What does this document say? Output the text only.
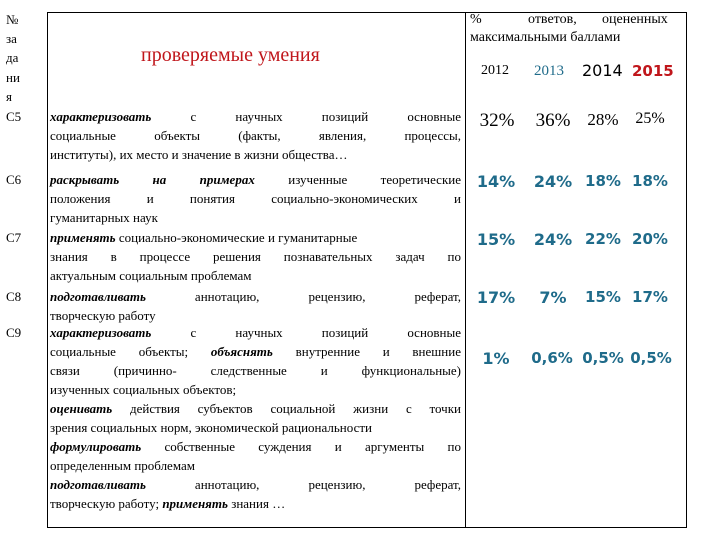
№
за
да
ни
я
проверяемые умения
%	ответов, оцененных
максимальными баллами
2012 2013 2014 2015
С5 характеризовать с научных позиций основные
социальные объекты (факты, явления, процессы,
институты), их место и значение в жизни общества…
32%	36%	28%	25%
С6 раскрывать на примерах изученные теоретические
положения и понятия социально-экономических и
гуманитарных наук
14%	24% 18% 18%
С7 применять социально-экономические и гуманитарные
знания в процессе решения познавательных задач по
актуальным социальным проблемам
15%	24% 22% 20%
С8 подготавливать аннотацию, рецензию, реферат,
творческую работу
17%	7%	15% 17%
С9 характеризовать с научных позиций основные
социальные объекты; объяснять внутренние и внешние
связи (причинно- следственные и функциональные)
изученных социальных объектов;
оценивать действия субъектов социальной жизни с точки
зрения социальных норм, экономической рациональности
формулировать собственные суждения и аргументы по
определенным проблемам
подготавливать аннотацию, рецензию, реферат,
творческую работу; применять знания …
1%	0,6% 0,5% 0,5%
